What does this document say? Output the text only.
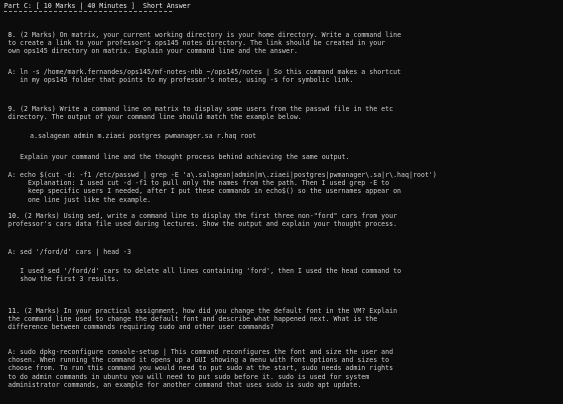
Part C: [ 10 Marks | 40 Minutes ] Short Answer
8. (2 Marks) On matrix, your current working directory is your home directory. Write a command line
to create a link to your professor's ops145 notes directory. The link should be created in your
own ops145 directory on matrix. Explain your command line and the answer.
A: ln -s /home/mark.fernandes/ops145/mf-notes-nbb ~/ops145/notes | So this command makes a shortcut
in my ops145 folder that points to my professor's notes, using -s for symbolic link.
9. (2 Marks) Write a command line on matrix to display some users from the passwd file in the etc
directory. The output of your command line should match the example below.
a.salagean admin m.ziaei postgres pwmanager.sa r.haq root
Explain your command line and the thought process behind achieving the same output.
A: echo $(cut -d: -f1 /etc/passwd | grep -E 'a\.salagean|admin|m\.ziaei|postgres|pwmanager\.sa|r\.haq|root')
Explanation: I used cut -d -f1 to pull only the names from the path. Then I used grep -E to
keep specific users I needed, after I put these commands in echo$() so the usernames appear on
one line just like the example.
10. (2 Marks) Using sed, write a command line to display the first three non-"ford" cars from your
professor's cars data file used during lectures. Show the output and explain your thought process.
A: sed '/ford/d' cars | head -3
I used sed '/ford/d' cars to delete all lines containing 'ford', then I used the head command to
show the first 3 results.
11. (2 Marks) In your practical assignment, how did you change the default font in the VM? Explain
the command line used to change the default font and describe what happened next. What is the
difference between commands requiring sudo and other user commands?
A: sudo dpkg-reconfigure console-setup | This command reconfigures the font and size the user and
chosen. When running the command it opens up a GUI showing a menu with font options and sizes to
choose from. To run this command you would need to put sudo at the start, sudo needs admin rights
to do admin commands in ubuntu you will need to put sudo before it. sudo is used for system
administrator commands, an example for another command that uses sudo is sudo apt update.
